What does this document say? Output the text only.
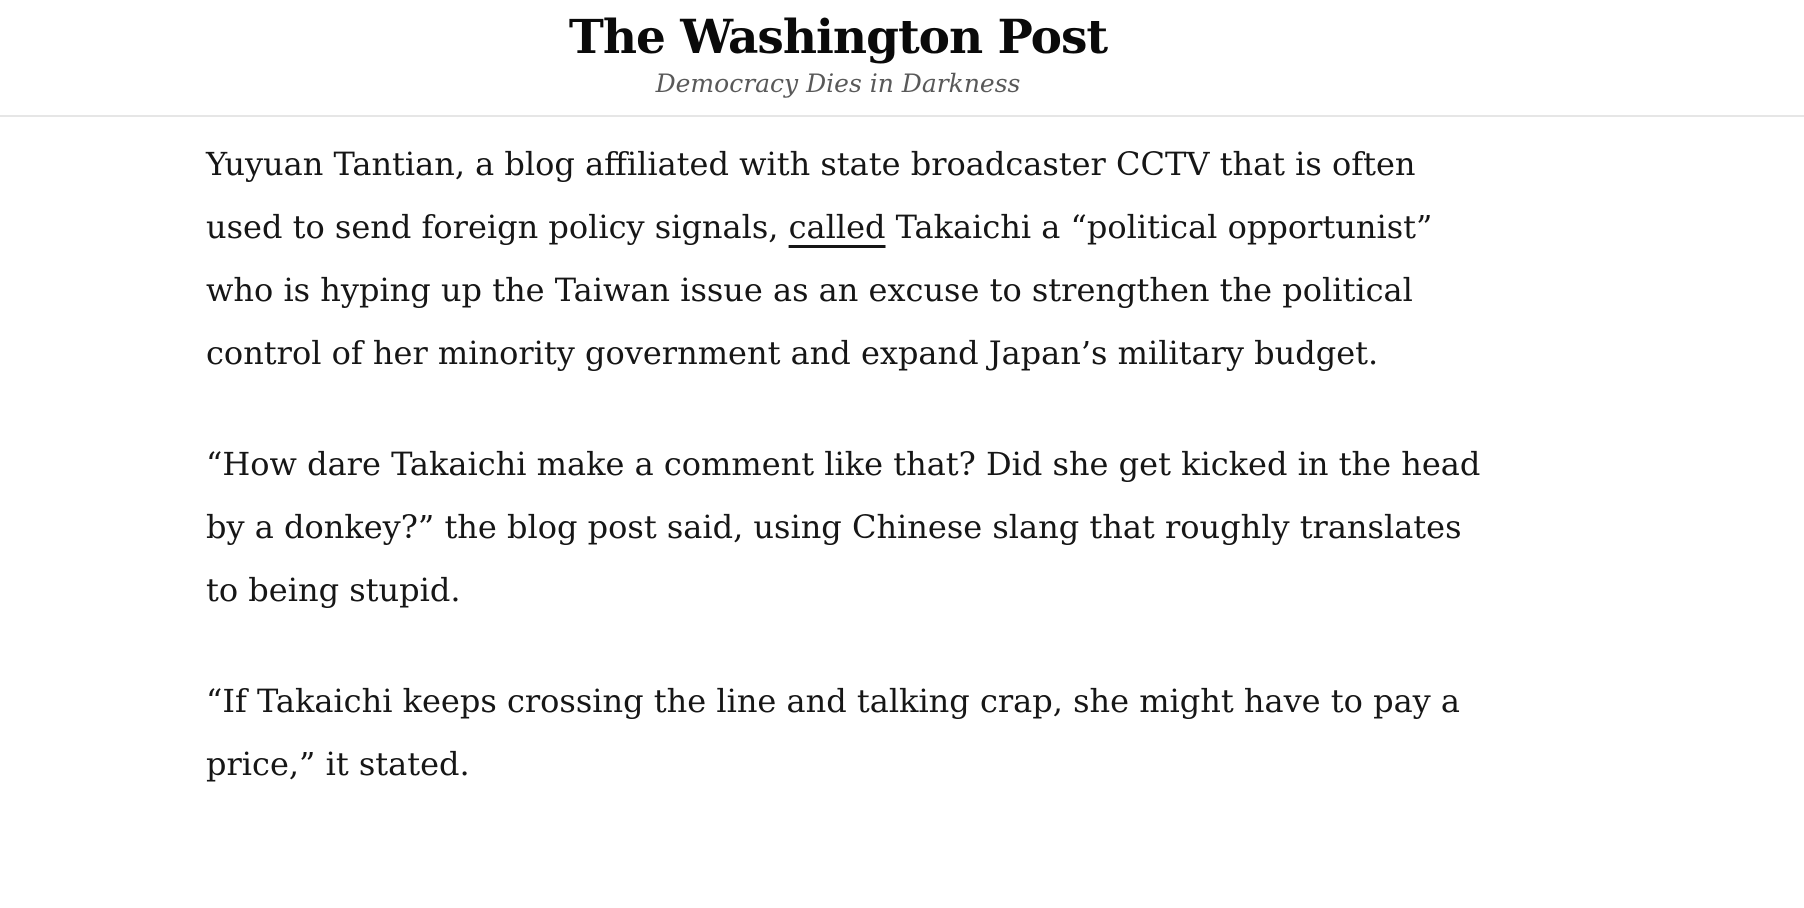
The Washington Post
Democracy Dies in Darkness

Yuyuan Tantian, a blog affiliated with state broadcaster CCTV that is often used to send foreign policy signals, called Takaichi a “political opportunist” who is hyping up the Taiwan issue as an excuse to strengthen the political control of her minority government and expand Japan’s military budget.

“How dare Takaichi make a comment like that? Did she get kicked in the head by a donkey?” the blog post said, using Chinese slang that roughly translates to being stupid.

“If Takaichi keeps crossing the line and talking crap, she might have to pay a price,” it stated.
